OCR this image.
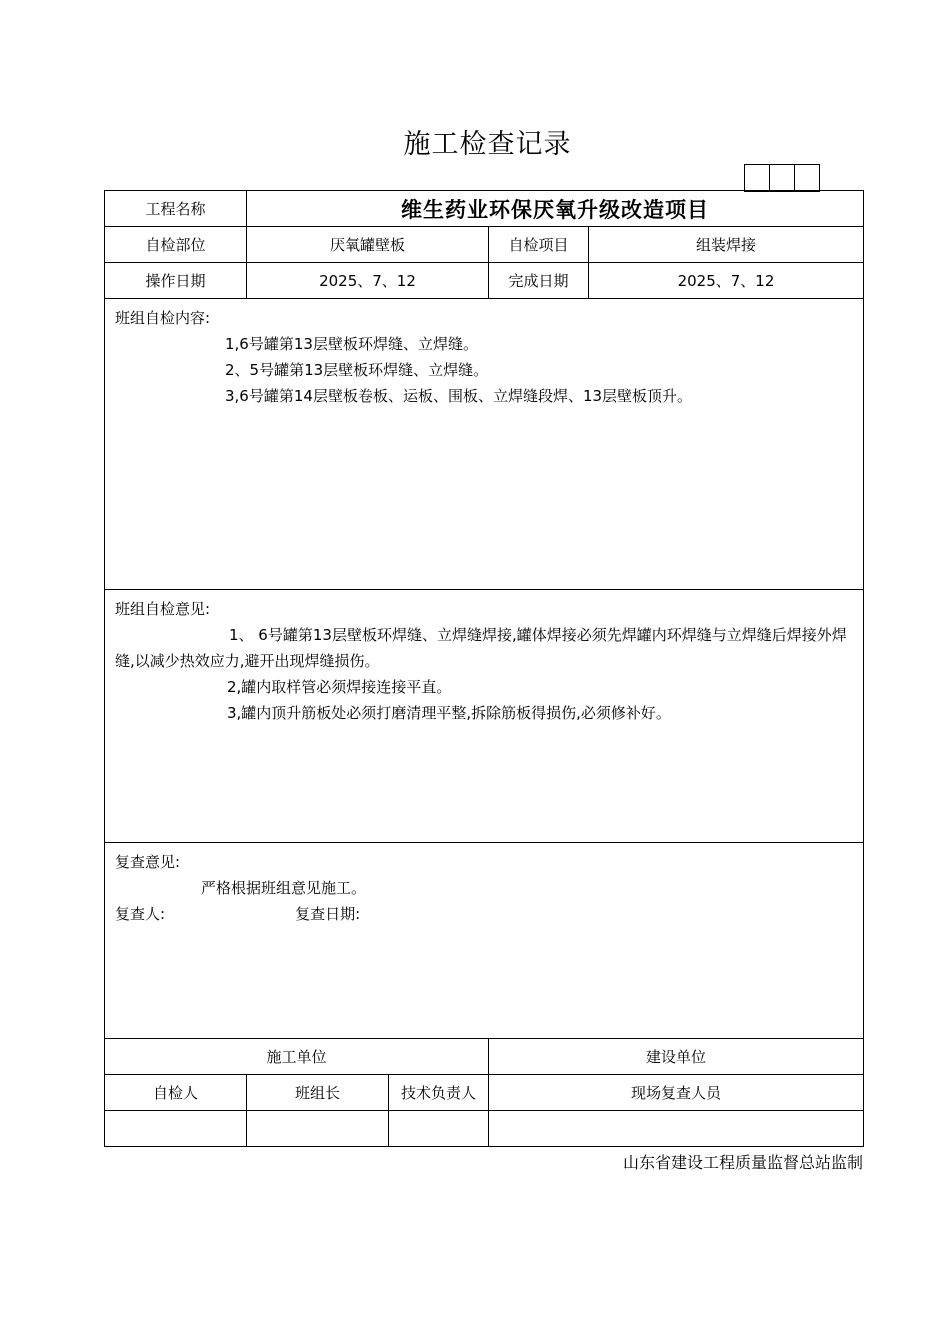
施工检查记录
工程名称	维生药业环保厌氧升级改造项目			
自检部位	厌氧罐壁板		自检项目	组装焊接
操作日期	2025、7、12		完成日期	2025、7、12

班组自检内容:
1,6号罐第13层壁板环焊缝、立焊缝。
2、5号罐第13层壁板环焊缝、立焊缝。
3,6号罐第14层壁板卷板、运板、围板、立焊缝段焊、13层壁板顶升。				

班组自检意见:
1、 6号罐第13层壁板环焊缝、立焊缝焊接,罐体焊接必须先焊罐内环焊缝与立焊缝后焊接外焊缝,以减少热效应力,避开出现焊缝损伤。
2,罐内取样管必须焊接连接平直。
3,罐内顶升筋板处必须打磨清理平整,拆除筋板得损伤,必须修补好。				

复查意见:
严格根据班组意见施工。
复查人: 复查日期:				

施工单位			建设单位	
自检人	班组长	技术负责人	现场复查人员	

山东省建设工程质量监督总站监制
